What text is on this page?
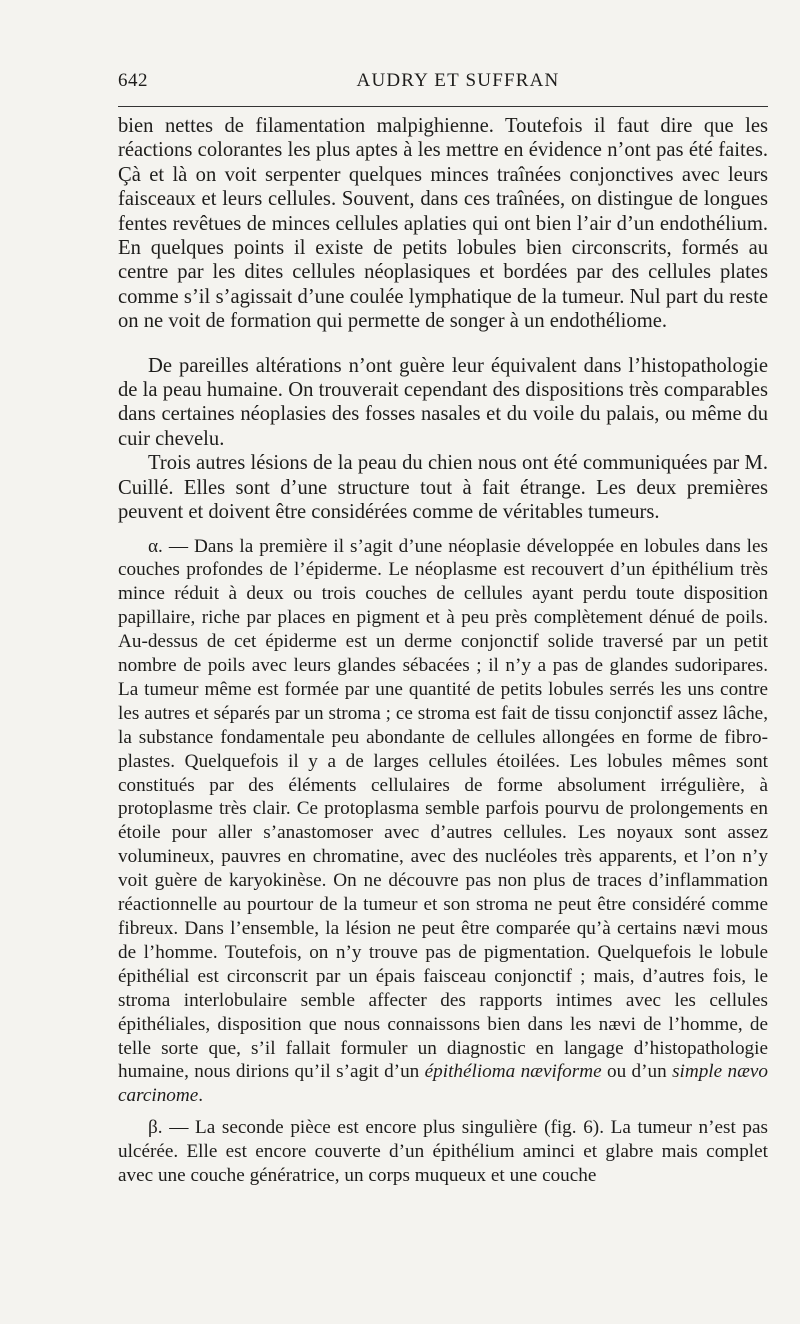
642	AUDRY ET SUFFRAN

bien nettes de filamentation malpighienne. Toutefois il faut dire que les réactions colorantes les plus aptes à les mettre en évidence n’ont pas été faites. Çà et là on voit serpenter quelques minces traînées conjonctives avec leurs faisceaux et leurs cellules. Souvent, dans ces traînées, on distingue de longues fentes revêtues de minces cellules aplaties qui ont bien l’air d’un endothélium. En quelques points il existe de petits lobules bien circonscrits, formés au centre par les dites cellules néoplasiques et bordées par des cellules plates comme s’il s’agissait d’une coulée lymphatique de la tumeur. Nul part du reste on ne voit de formation qui permette de songer à un endothéliome.

De pareilles altérations n’ont guère leur équivalent dans l’histopathologie de la peau humaine. On trouverait cependant des dispositions très comparables dans certaines néoplasies des fosses nasales et du voile du palais, ou même du cuir chevelu.

Trois autres lésions de la peau du chien nous ont été communiquées par M. Cuillé. Elles sont d’une structure tout à fait étrange. Les deux premières peuvent et doivent être considérées comme de véritables tumeurs.

α. — Dans la première il s’agit d’une néoplasie développée en lobules dans les couches profondes de l’épiderme. Le néoplasme est recouvert d’un épithélium très mince réduit à deux ou trois couches de cellules ayant perdu toute disposition papillaire, riche par places en pigment et à peu près complètement dénué de poils. Au-dessus de cet épiderme est un derme conjonctif solide traversé par un petit nombre de poils avec leurs glandes sébacées ; il n’y a pas de glandes sudoripares. La tumeur même est formée par une quantité de petits lobules serrés les uns contre les autres et séparés par un stroma ; ce stroma est fait de tissu conjonctif assez lâche, la substance fondamentale peu abondante de cellules allongées en forme de fibro-plastes. Quelquefois il y a de larges cellules étoilées. Les lobules mêmes sont constitués par des éléments cellulaires de forme absolument irrégulière, à protoplasme très clair. Ce protoplasma semble parfois pourvu de prolongements en étoile pour aller s’anastomoser avec d’autres cellules. Les noyaux sont assez volumineux, pauvres en chromatine, avec des nucléoles très apparents, et l’on n’y voit guère de karyokinèse. On ne découvre pas non plus de traces d’inflammation réactionnelle au pourtour de la tumeur et son stroma ne peut être considéré comme fibreux. Dans l’ensemble, la lésion ne peut être comparée qu’à certains nævi mous de l’homme. Toutefois, on n’y trouve pas de pigmentation. Quelquefois le lobule épithélial est circonscrit par un épais faisceau conjonctif ; mais, d’autres fois, le stroma interlobulaire semble affecter des rapports intimes avec les cellules épithéliales, disposition que nous connaissons bien dans les nævi de l’homme, de telle sorte que, s’il fallait formuler un diagnostic en langage d’histopathologie humaine, nous dirions qu’il s’agit d’un épithélioma næviforme ou d’un simple nævo carcinome.

β. — La seconde pièce est encore plus singulière (fig. 6). La tumeur n’est pas ulcérée. Elle est encore couverte d’un épithélium aminci et glabre mais complet avec une couche génératrice, un corps muqueux et une couche
